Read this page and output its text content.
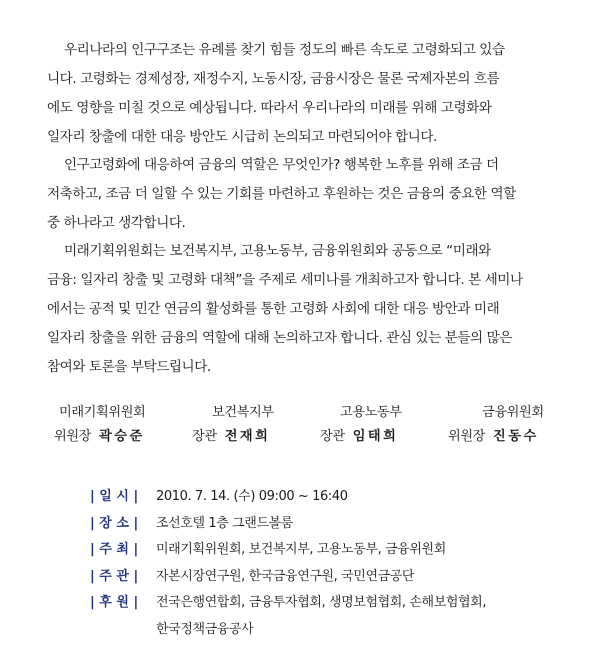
우리나라의 인구구조는 유례를 찾기 힘들 정도의 빠른 속도로 고령화되고 있습
니다. 고령화는 경제성장, 재정수지, 노동시장, 금융시장은 물론 국제자본의 흐름
에도 영향을 미칠 것으로 예상됩니다. 따라서 우리나라의 미래를 위해 고령화와
일자리 창출에 대한 대응 방안도 시급히 논의되고 마련되어야 합니다.
인구고령화에 대응하여 금융의 역할은 무엇인가? 행복한 노후를 위해 조금 더
저축하고, 조금 더 일할 수 있는 기회를 마련하고 후원하는 것은 금융의 중요한 역할
중 하나라고 생각합니다.
미래기획위원회는 보건복지부, 고용노동부, 금융위원회와 공동으로 “미래와
금융: 일자리 창출 및 고령화 대책”을 주제로 세미나를 개최하고자 합니다. 본 세미나
에서는 공적 및 민간 연금의 활성화를 통한 고령화 사회에 대한 대응 방안과 미래
일자리 창출을 위한 금융의 역할에 대해 논의하고자 합니다. 관심 있는 분들의 많은
참여와 토론을 부탁드립니다.
미래기획위원회
위원장 곽승준
보건복지부
장관 전재희
고용노동부
장관 임태희
금융위원회
위원장 진동수
| 일 시 |	2010. 7. 14. (수) 09:00 ~ 16:40
| 장 소 |	조선호텔 1층 그랜드볼룸
| 주 최 |	미래기획위원회, 보건복지부, 고용노동부, 금융위원회
| 주 관 |	자본시장연구원, 한국금융연구원, 국민연금공단
| 후 원 |	전국은행연합회, 금융투자협회, 생명보험협회, 손해보험협회,
한국정책금융공사
